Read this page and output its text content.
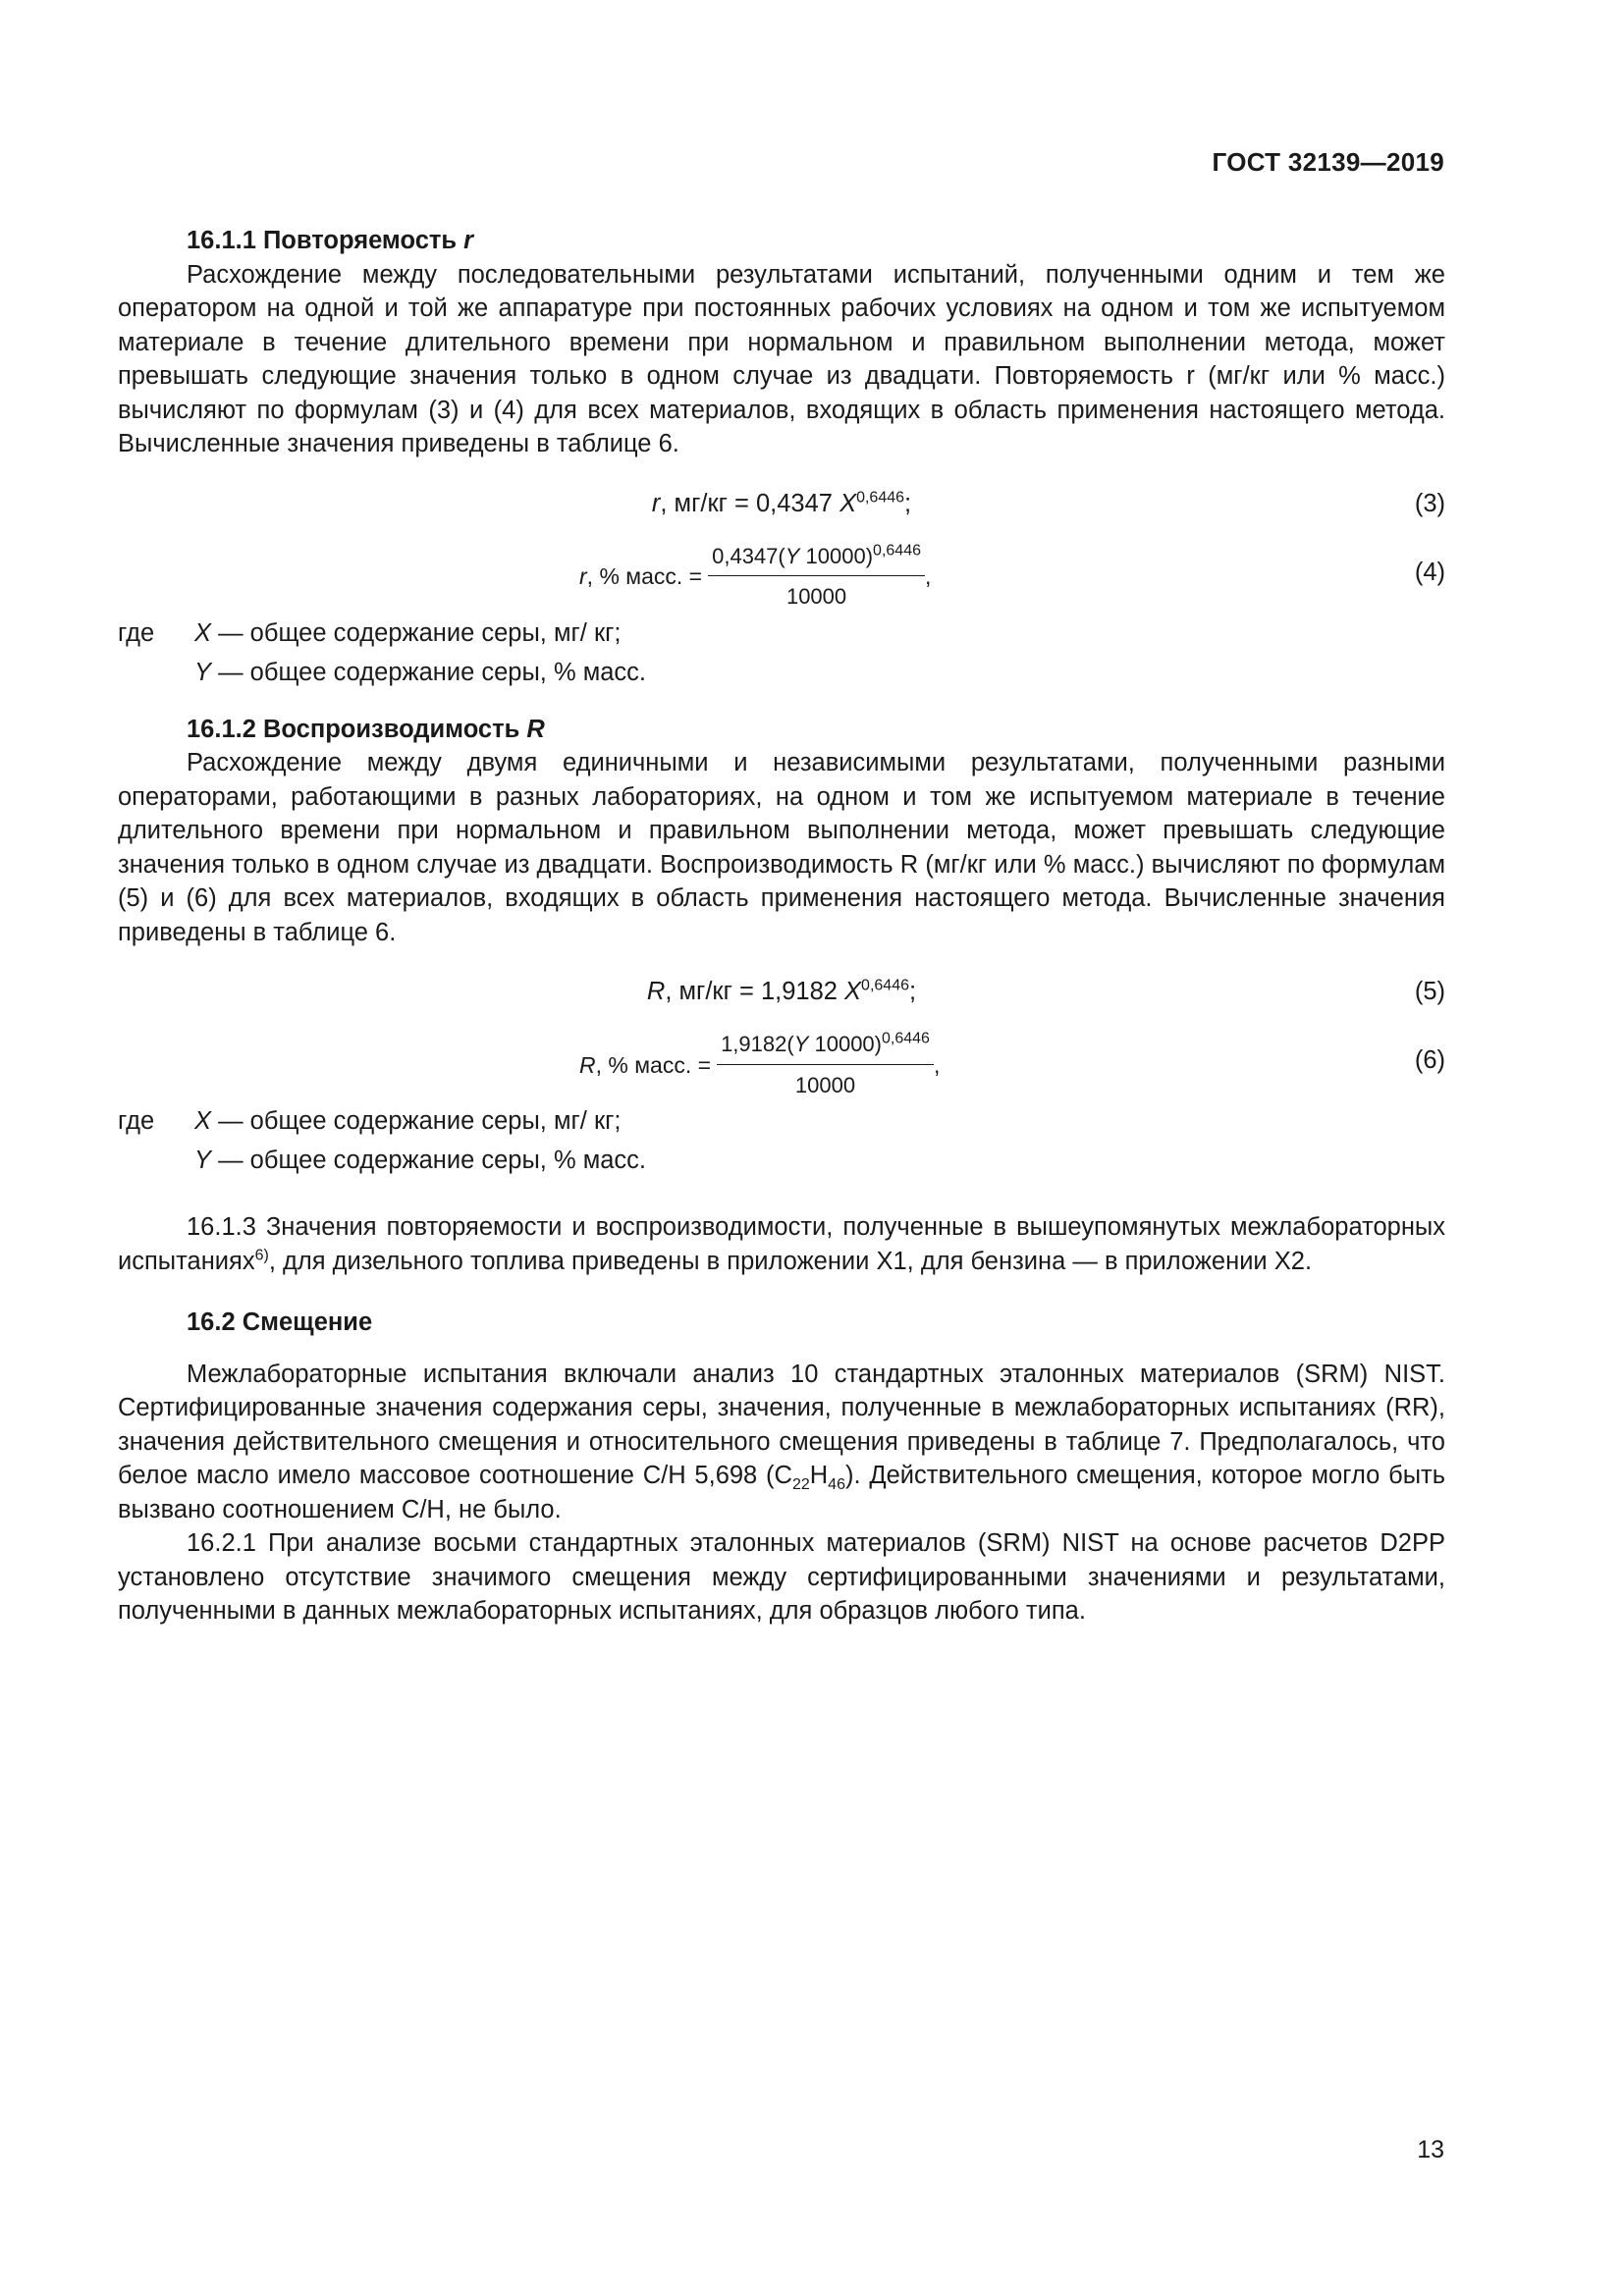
ГОСТ 32139—2019

16.1.1 Повторяемость r

Расхождение между последовательными результатами испытаний, полученными одним и тем же оператором на одной и той же аппаратуре при постоянных рабочих условиях на одном и том же испытуемом материале в течение длительного времени при нормальном и правильном выполнении метода, может превышать следующие значения только в одном случае из двадцати. Повторяемость r (мг/кг или % масс.) вычисляют по формулам (3) и (4) для всех материалов, входящих в область применения настоящего метода. Вычисленные значения приведены в таблице 6.

r, мг/кг = 0,4347 $X^{0,6446}$;	(3)
r , % масс. = $\frac{0,4347(Y 10000)^{0,6446}}{10000}$ ,	(4)
где X — общее содержание серы, мг/ кг;
Y — общее содержание серы, % масс.

16.1.2 Воспроизводимость R

Расхождение между двумя единичными и независимыми результатами, полученными разными операторами, работающими в разных лабораториях, на одном и том же испытуемом материале в течение длительного времени при нормальном и правильном выполнении метода, может превышать следующие значения только в одном случае из двадцати. Воспроизводимость R (мг/кг или % масс.) вычисляют по формулам (5) и (6) для всех материалов, входящих в область применения настоящего метода. Вычисленные значения приведены в таблице 6.

R, мг/кг = 1,9182 $X^{0,6446}$;	(5)
R , % масс. = $\frac{1,9182(Y 10000)^{0,6446}}{10000}$ ,	(6)
где X — общее содержание серы, мг/ кг;
Y — общее содержание серы, % масс.

16.1.3 Значения повторяемости и воспроизводимости, полученные в вышеупомянутых межлабораторных испытаниях$^{6)}$, для дизельного топлива приведены в приложении X1, для бензина — в приложении X2.

16.2 Смещение

Межлабораторные испытания включали анализ 10 стандартных эталонных материалов (SRM) NIST. Сертифицированные значения содержания серы, значения, полученные в межлабораторных испытаниях (RR), значения действительного смещения и относительного смещения приведены в таблице 7. Предполагалось, что белое масло имело массовое соотношение С/Н 5,698 $(С_{22}Н_{46})$. Действительного смещения, которое могло быть вызвано соотношением С/Н, не было.

16.2.1 При анализе восьми стандартных эталонных материалов (SRM) NIST на основе расчетов D2PP установлено отсутствие значимого смещения между сертифицированными значениями и результатами, полученными в данных межлабораторных испытаниях, для образцов любого типа.

13
